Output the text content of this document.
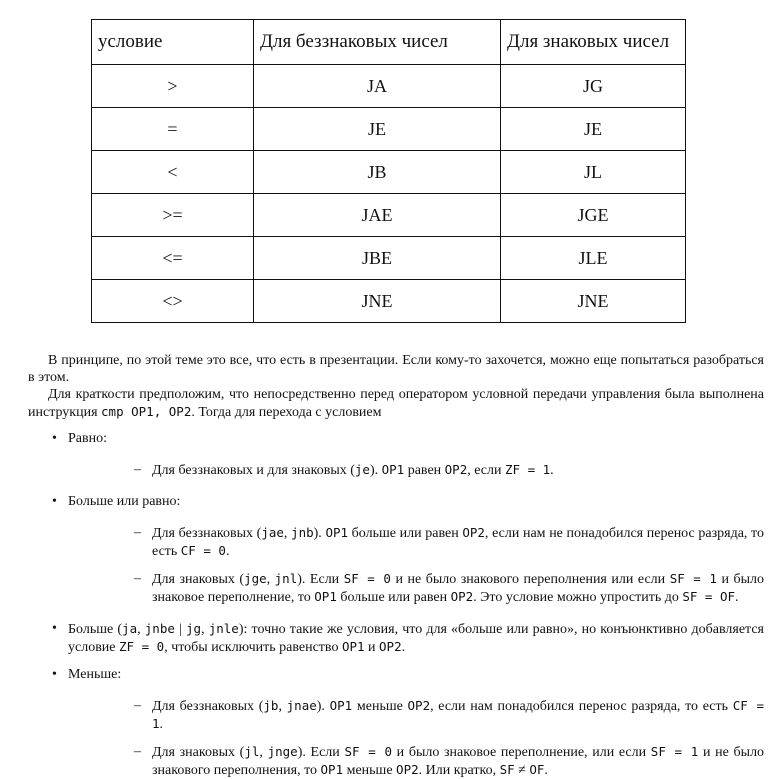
условие	Для беззнаковых чисел	Для знаковых чисел
>	JA	JG
=	JE	JE
<	JB	JL
>=	JAE	JGE
<=	JBE	JLE
<>	JNE	JNE

В принципе, по этой теме это все, что есть в презентации. Если кому-то захочется, можно еще попытаться разобраться в этом.

Для краткости предположим, что непосредственно перед оператором условной передачи управления была выполнена инструкция cmp OP1, OP2. Тогда для перехода с условием

• Равно:
– Для беззнаковых и для знаковых (je). OP1 равен OP2, если ZF = 1.
• Больше или равно:
– Для беззнаковых (jae, jnb). OP1 больше или равен OP2, если нам не понадобился перенос разряда, то есть CF = 0.
– Для знаковых (jge, jnl). Если SF = 0 и не было знакового переполнения или если SF = 1 и было знаковое переполнение, то OP1 больше или равен OP2. Это условие можно упростить до SF = OF.
• Больше (ja, jnbe | jg, jnle): точно такие же условия, что для «больше или равно», но конъюнктивно добавляется условие ZF = 0, чтобы исключить равенство OP1 и OP2.
• Меньше:
– Для беззнаковых (jb, jnae). OP1 меньше OP2, если нам понадобился перенос разряда, то есть CF = 1.
– Для знаковых (jl, jnge). Если SF = 0 и было знаковое переполнение, или если SF = 1 и не было знакового переполнения, то OP1 меньше OP2. Или кратко, SF ≠ OF.
